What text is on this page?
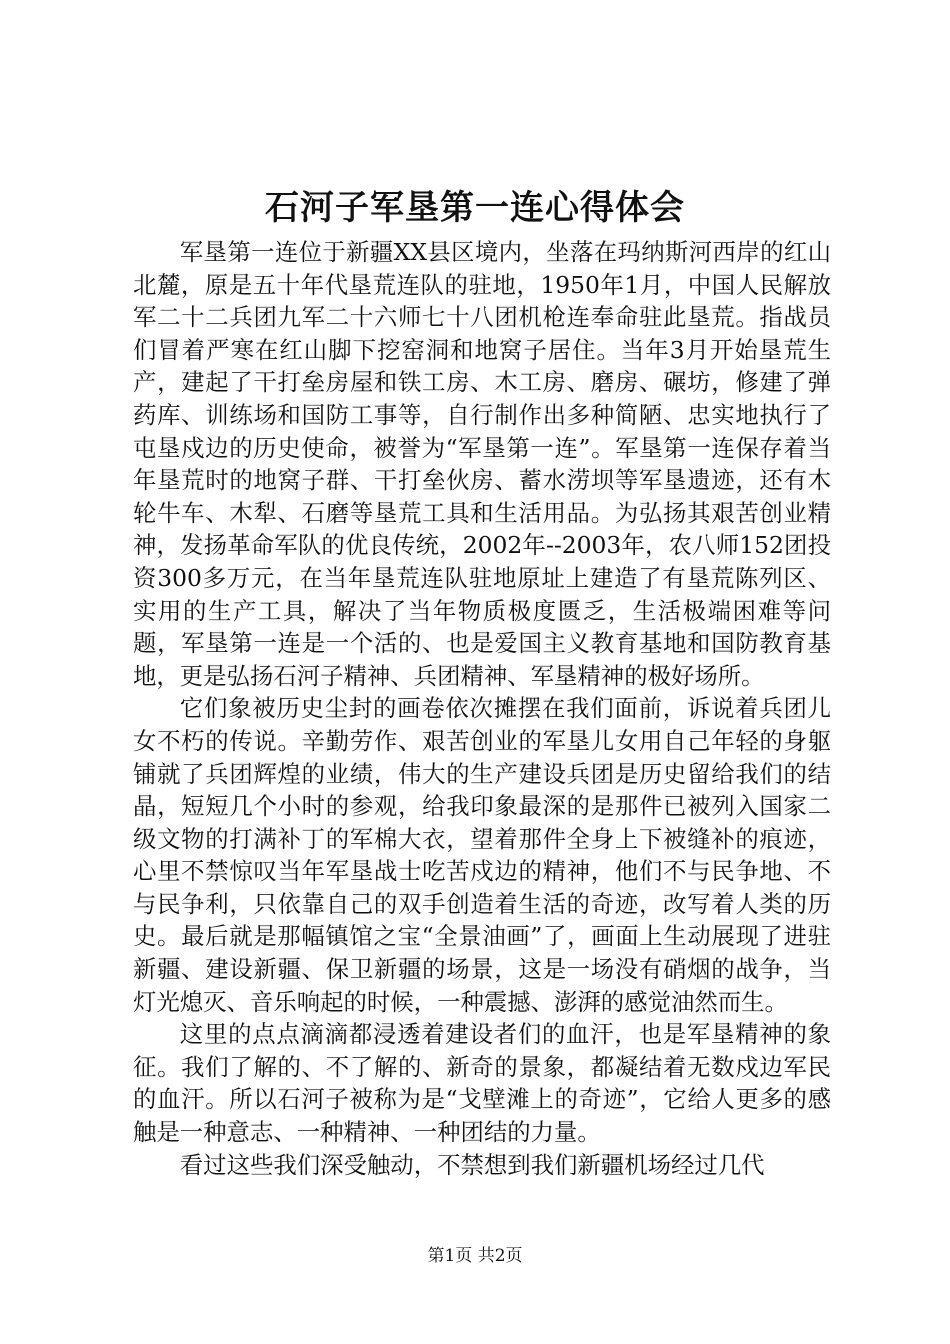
石河子军垦第一连心得体会

军垦第一连位于新疆XX县区境内，坐落在玛纳斯河西岸的红山北麓，原是五十年代垦荒连队的驻地，1950年1月，中国人民解放军二十二兵团九军二十六师七十八团机枪连奉命驻此垦荒。指战员们冒着严寒在红山脚下挖窑洞和地窝子居住。当年3月开始垦荒生产，建起了干打垒房屋和铁工房、木工房、磨房、碾坊，修建了弹药库、训练场和国防工事等，自行制作出多种简陋、忠实地执行了屯垦戍边的历史使命，被誉为“军垦第一连”。军垦第一连保存着当年垦荒时的地窝子群、干打垒伙房、蓄水涝坝等军垦遗迹，还有木轮牛车、木犁、石磨等垦荒工具和生活用品。为弘扬其艰苦创业精神，发扬革命军队的优良传统，2002年--2003年，农八师152团投资300多万元，在当年垦荒连队驻地原址上建造了有垦荒陈列区、实用的生产工具，解决了当年物质极度匮乏，生活极端困难等问题，军垦第一连是一个活的、也是爱国主义教育基地和国防教育基地，更是弘扬石河子精神、兵团精神、军垦精神的极好场所。

它们象被历史尘封的画卷依次摊摆在我们面前，诉说着兵团儿女不朽的传说。辛勤劳作、艰苦创业的军垦儿女用自己年轻的身躯铺就了兵团辉煌的业绩，伟大的生产建设兵团是历史留给我们的结晶，短短几个小时的参观，给我印象最深的是那件已被列入国家二级文物的打满补丁的军棉大衣，望着那件全身上下被缝补的痕迹，心里不禁惊叹当年军垦战士吃苦戍边的精神，他们不与民争地、不与民争利，只依靠自己的双手创造着生活的奇迹，改写着人类的历史。最后就是那幅镇馆之宝“全景油画”了，画面上生动展现了进驻新疆、建设新疆、保卫新疆的场景，这是一场没有硝烟的战争，当灯光熄灭、音乐响起的时候，一种震撼、澎湃的感觉油然而生。

这里的点点滴滴都浸透着建设者们的血汗，也是军垦精神的象征。我们了解的、不了解的、新奇的景象，都凝结着无数戍边军民的血汗。所以石河子被称为是“戈壁滩上的奇迹”，它给人更多的感触是一种意志、一种精神、一种团结的力量。

看过这些我们深受触动，不禁想到我们新疆机场经过几代

第1页 共2页
